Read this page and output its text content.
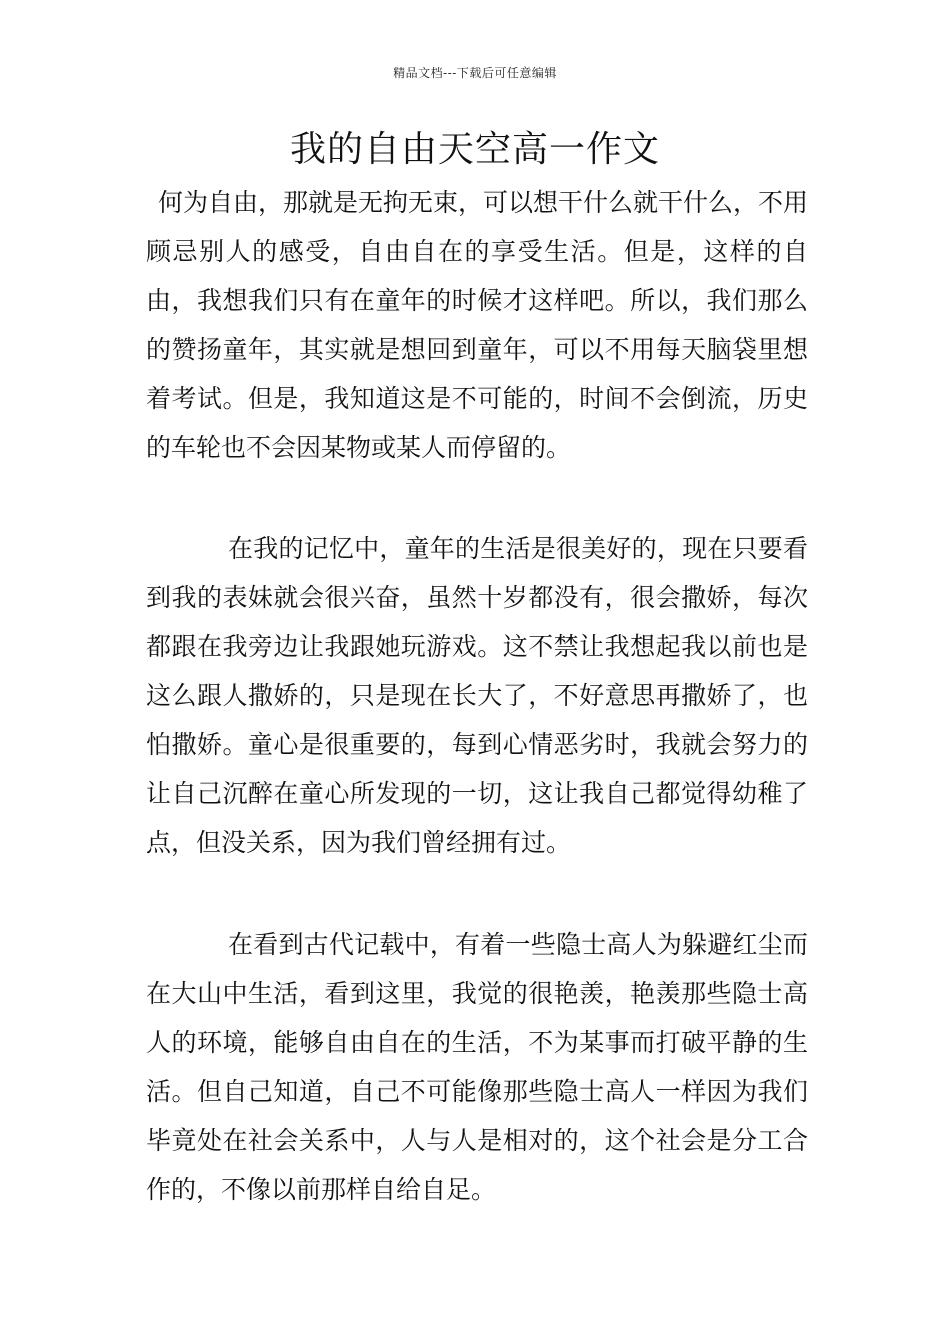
精品文档---下载后可任意编辑
我的自由天空高一作文

何为自由，那就是无拘无束，可以想干什么就干什么，不用顾忌别人的感受，自由自在的享受生活。但是，这样的自由，我想我们只有在童年的时候才这样吧。所以，我们那么的赞扬童年，其实就是想回到童年，可以不用每天脑袋里想着考试。但是，我知道这是不可能的，时间不会倒流，历史的车轮也不会因某物或某人而停留的。

在我的记忆中，童年的生活是很美好的，现在只要看到我的表妹就会很兴奋，虽然十岁都没有，很会撒娇，每次都跟在我旁边让我跟她玩游戏。这不禁让我想起我以前也是这么跟人撒娇的，只是现在长大了，不好意思再撒娇了，也怕撒娇。童心是很重要的，每到心情恶劣时，我就会努力的让自己沉醉在童心所发现的一切，这让我自己都觉得幼稚了点，但没关系，因为我们曾经拥有过。

在看到古代记载中，有着一些隐士高人为躲避红尘而在大山中生活，看到这里，我觉的很艳羡，艳羡那些隐士高人的环境，能够自由自在的生活，不为某事而打破平静的生活。但自己知道，自己不可能像那些隐士高人一样因为我们毕竟处在社会关系中，人与人是相对的，这个社会是分工合作的，不像以前那样自给自足。
